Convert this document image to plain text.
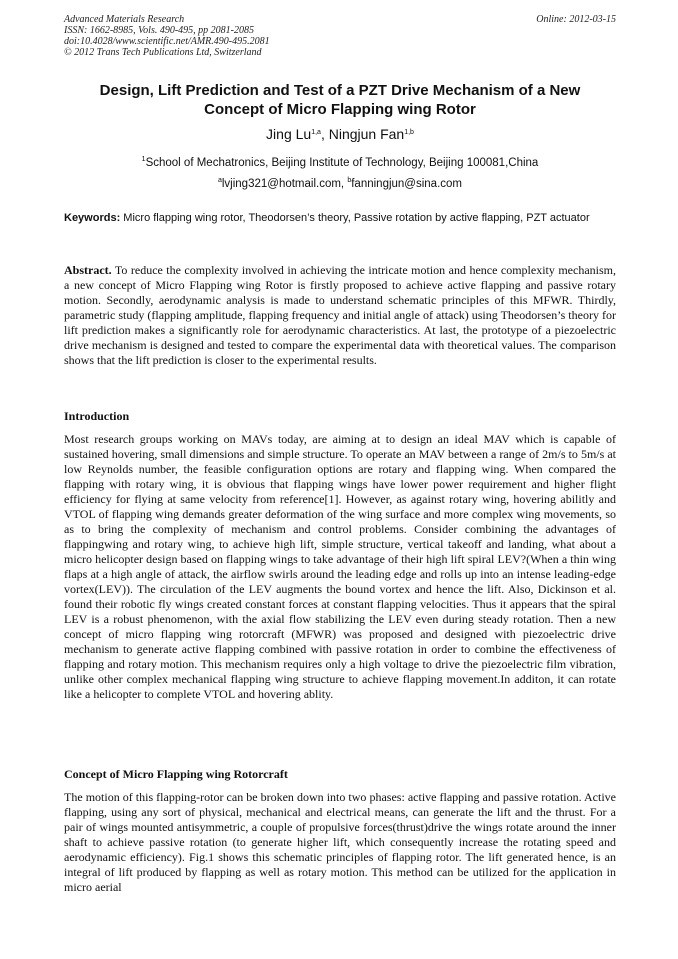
Advanced Materials Research
ISSN: 1662-8985, Vols. 490-495, pp 2081-2085
doi:10.4028/www.scientific.net/AMR.490-495.2081
© 2012 Trans Tech Publications Ltd, Switzerland
Online: 2012-03-15
Design, Lift Prediction and Test of a PZT Drive Mechanism of a New
Concept of Micro Flapping wing Rotor
Jing Lu$^{1,a}$, Ningjun Fan$^{1,b}$
$^1$School of Mechatronics, Beijing Institute of Technology, Beijing 100081,China
$^a$lvjing321@hotmail.com, $^b$fanningjun@sina.com
Keywords: Micro flapping wing rotor, Theodorsen’s theory, Passive rotation by active flapping, PZT actuator
Abstract. To reduce the complexity involved in achieving the intricate motion and hence complexity mechanism, a new concept of Micro Flapping wing Rotor is firstly proposed to achieve active flapping and passive rotary motion. Secondly, aerodynamic analysis is made to understand schematic principles of this MFWR. Thirdly, parametric study (flapping amplitude, flapping frequency and initial angle of attack) using Theodorsen’s theory for lift prediction makes a significantly role for aerodynamic characteristics. At last, the prototype of a piezoelectric drive mechanism is designed and tested to compare the experimental data with theoretical values. The comparison shows that the lift prediction is closer to the experimental results.
Introduction
Most research groups working on MAVs today, are aiming at to design an ideal MAV which is capable of sustained hovering, small dimensions and simple structure. To operate an MAV between a range of 2m/s to 5m/s at low Reynolds number, the feasible configuration options are rotary and flapping wing. When compared the flapping with rotary wing, it is obvious that flapping wings have lower power requirement and higher flight efficiency for flying at same velocity from reference[1]. However, as against rotary wing, hovering abilitly and VTOL of flapping wing demands greater deformation of the wing surface and more complex wing movements, so as to bring the complexity of mechanism and control problems. Consider combining the advantages of flappingwing and rotary wing, to achieve high lift, simple structure, vertical takeoff and landing, what about a micro helicopter design based on flapping wings to take advantage of their high lift spiral LEV?(When a thin wing flaps at a high angle of attack, the airflow swirls around the leading edge and rolls up into an intense leading-edge vortex(LEV)). The circulation of the LEV augments the bound vortex and hence the lift. Also, Dickinson et al. found their robotic fly wings created constant forces at constant flapping velocities. Thus it appears that the spiral LEV is a robust phenomenon, with the axial flow stabilizing the LEV even during steady rotation. Then a new concept of micro flapping wing rotorcraft (MFWR) was proposed and designed with piezoelectric drive mechanism to generate active flapping combined with passive rotation in order to combine the effectiveness of flapping and rotary motion. This mechanism requires only a high voltage to drive the piezoelectric film vibration, unlike other complex mechanical flapping wing structure to achieve flapping movement.In additon, it can rotate like a helicopter to complete VTOL and hovering ablity.
Concept of Micro Flapping wing Rotorcraft
The motion of this flapping-rotor can be broken down into two phases: active flapping and passive rotation. Active flapping, using any sort of physical, mechanical and electrical means, can generate the lift and the thrust. For a pair of wings mounted antisymmetric, a couple of propulsive forces(thrust)drive the wings rotate around the inner shaft to achieve passive rotation (to generate higher lift, which consequently increase the rotating speed and aerodynamic efficiency). Fig.1 shows this schematic principles of flapping rotor. The lift generated hence, is an integral of lift produced by flapping as well as rotary motion. This method can be utilized for the application in micro aerial
